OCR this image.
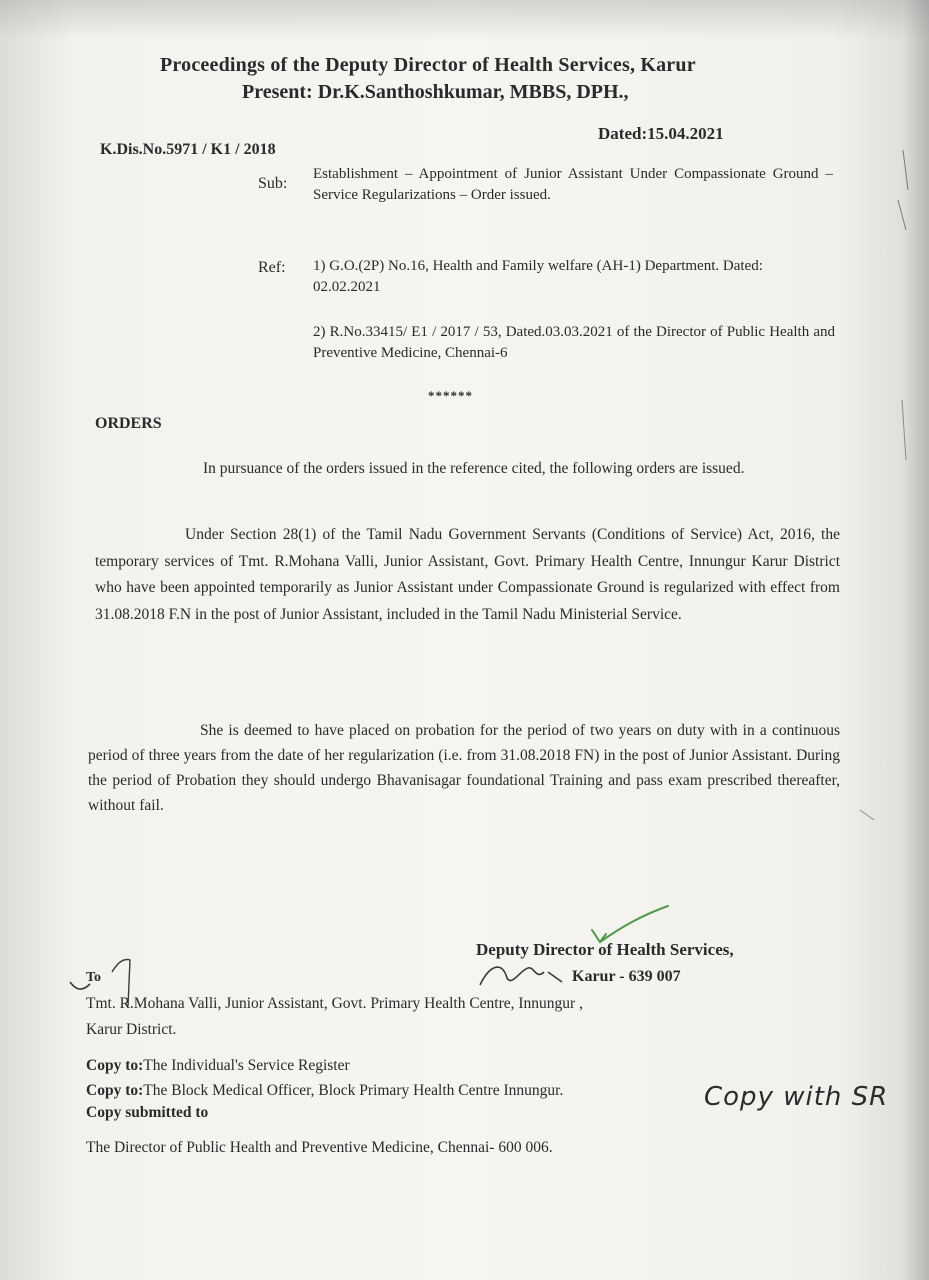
Proceedings of the Deputy Director of Health Services, Karur
Present: Dr.K.Santhoshkumar, MBBS, DPH.,
K.Dis.No.5971 / K1 / 2018
Dated:15.04.2021
Sub:
Establishment – Appointment of Junior Assistant Under Compassionate Ground – Service Regularizations – Order issued.
Ref: 1) G.O.(2P) No.16, Health and Family welfare (AH-1) Department. Dated: 02.02.2021
2) R.No.33415/ E1 / 2017 / 53, Dated.03.03.2021 of the Director of Public Health and Preventive Medicine, Chennai-6
******
ORDERS
In pursuance of the orders issued in the reference cited, the following orders are issued.
Under Section 28(1) of the Tamil Nadu Government Servants (Conditions of Service) Act, 2016, the temporary services of Tmt. R.Mohana Valli, Junior Assistant, Govt. Primary Health Centre, Innungur Karur District who have been appointed temporarily as Junior Assistant under Compassionate Ground is regularized with effect from 31.08.2018 F.N in the post of Junior Assistant, included in the Tamil Nadu Ministerial Service.
She is deemed to have placed on probation for the period of two years on duty with in a continuous period of three years from the date of her regularization (i.e. from 31.08.2018 FN) in the post of Junior Assistant. During the period of Probation they should undergo Bhavanisagar foundational Training and pass exam prescribed thereafter, without fail.
Deputy Director of Health Services,
Karur - 639 007
To
Tmt. R.Mohana Valli, Junior Assistant, Govt. Primary Health Centre, Innungur ,
Karur District.
Copy to:The Individual's Service Register
Copy to:The Block Medical Officer, Block Primary Health Centre Innungur.
Copy submitted to
The Director of Public Health and Preventive Medicine, Chennai- 600 006.
Copy with SR
